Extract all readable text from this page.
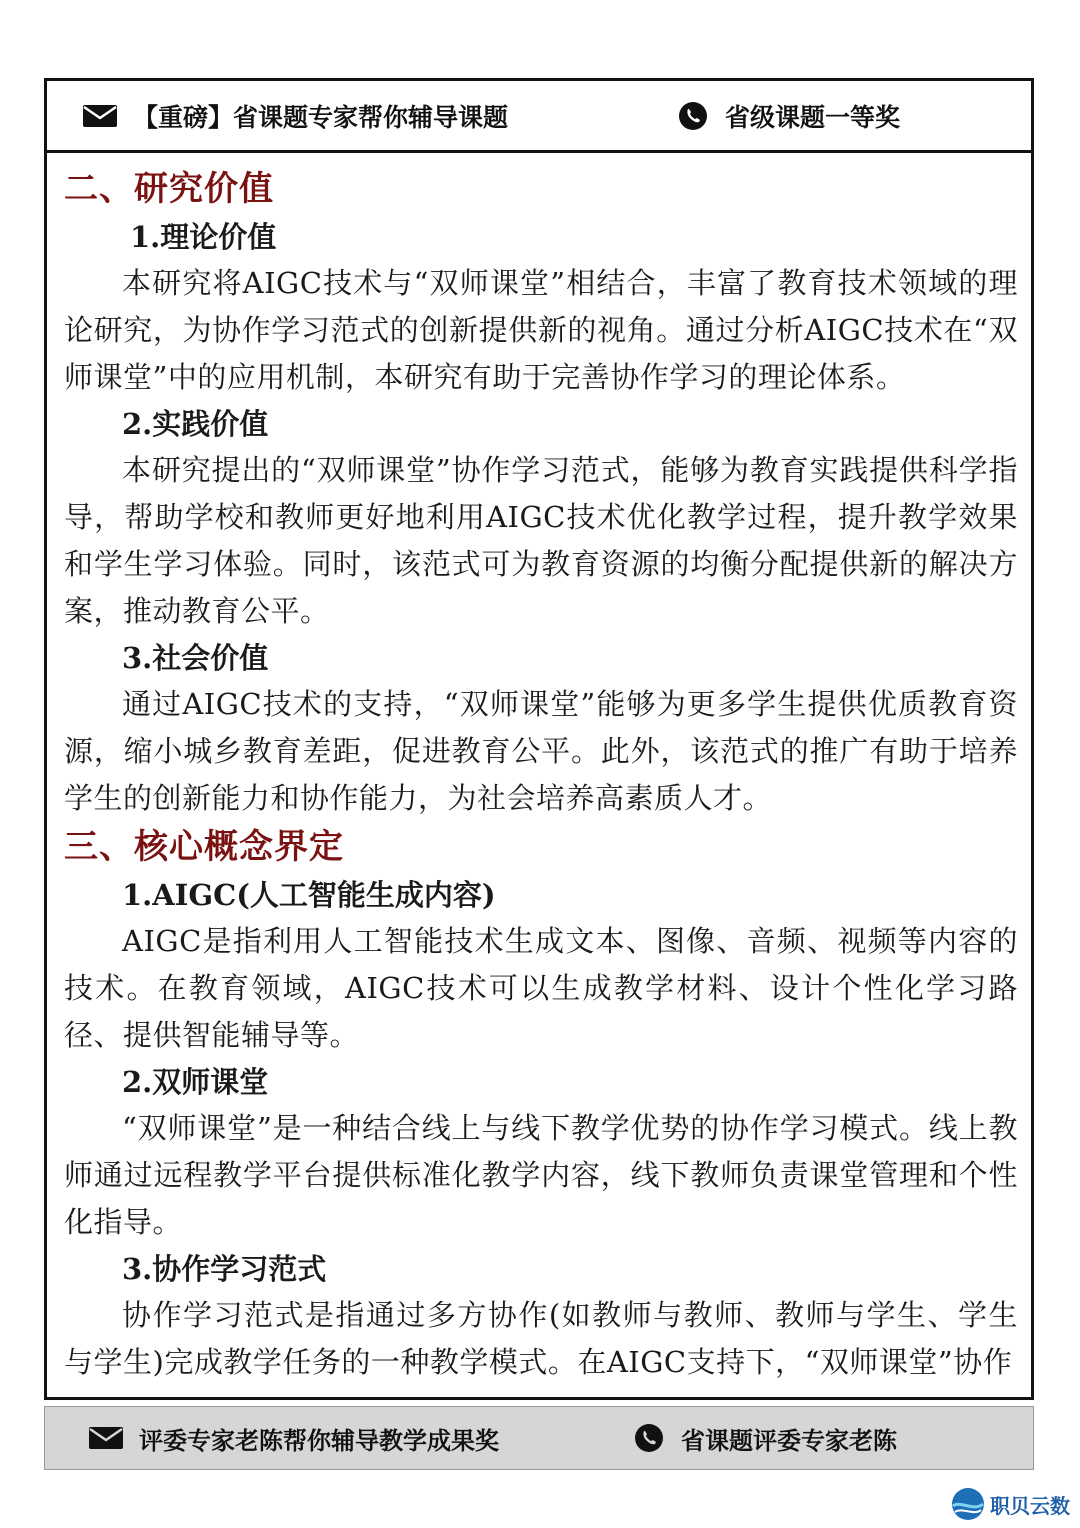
【重磅】省课题专家帮你辅导课题	省级课题一等奖
二、研究价值
1.理论价值

本研究将AIGC技术与“双师课堂”相结合，丰富了教育技术领域的理论研究，为协作学习范式的创新提供新的视角。通过分析AIGC技术在“双师课堂”中的应用机制，本研究有助于完善协作学习的理论体系。

2.实践价值

本研究提出的“双师课堂”协作学习范式，能够为教育实践提供科学指导，帮助学校和教师更好地利用AIGC技术优化教学过程，提升教学效果和学生学习体验。同时，该范式可为教育资源的均衡分配提供新的解决方案，推动教育公平。

3.社会价值

通过AIGC技术的支持，“双师课堂”能够为更多学生提供优质教育资源，缩小城乡教育差距，促进教育公平。此外，该范式的推广有助于培养学生的创新能力和协作能力，为社会培养高素质人才。

三、核心概念界定
1.AIGC(人工智能生成内容)

AIGC是指利用人工智能技术生成文本、图像、音频、视频等内容的技术。在教育领域，AIGC技术可以生成教学材料、设计个性化学习路径、提供智能辅导等。

2.双师课堂

“双师课堂”是一种结合线上与线下教学优势的协作学习模式。线上教师通过远程教学平台提供标准化教学内容，线下教师负责课堂管理和个性化指导。

3.协作学习范式

协作学习范式是指通过多方协作(如教师与教师、教师与学生、学生与学生)完成教学任务的一种教学模式。在AIGC支持下，“双师课堂”协作

评委专家老陈帮你辅导教学成果奖	省课题评委专家老陈
职贝云数
